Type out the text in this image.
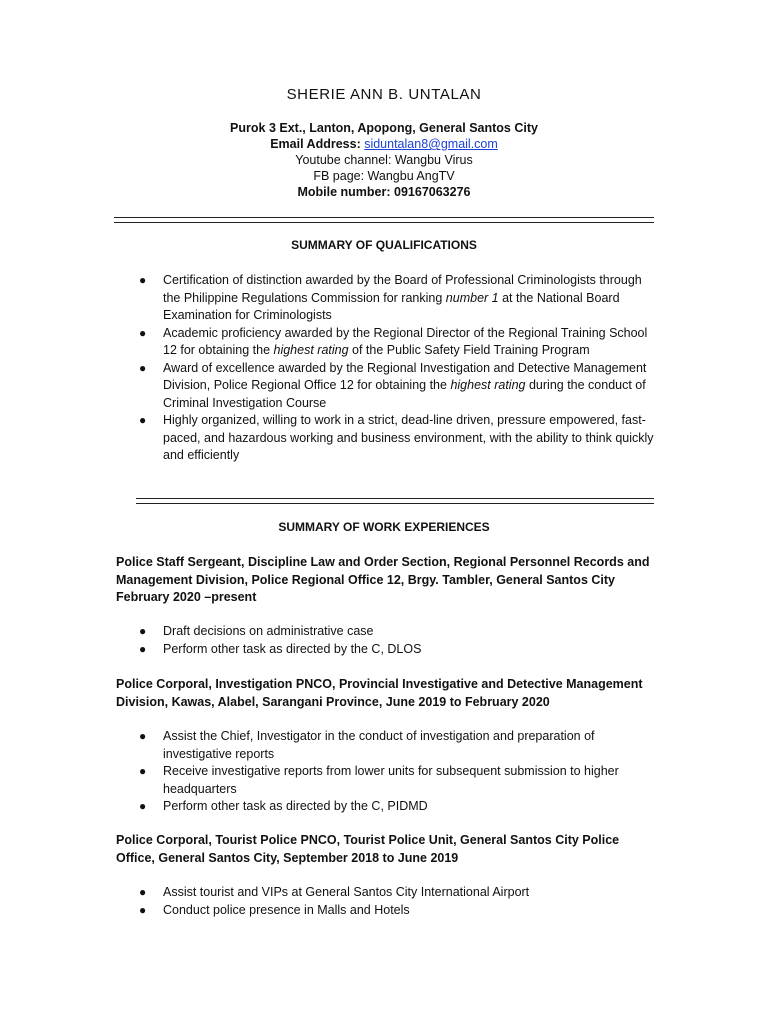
SHERIE ANN B. UNTALAN
Purok 3 Ext., Lanton, Apopong, General Santos City
Email Address: siduntalan8@gmail.com
Youtube channel: Wangbu Virus
FB page: Wangbu AngTV
Mobile number: 09167063276
SUMMARY OF QUALIFICATIONS
● Certification of distinction awarded by the Board of Professional Criminologists through the Philippine Regulations Commission for ranking number 1 at the National Board Examination for Criminologists
● Academic proficiency awarded by the Regional Director of the Regional Training School 12 for obtaining the highest rating of the Public Safety Field Training Program
● Award of excellence awarded by the Regional Investigation and Detective Management Division, Police Regional Office 12 for obtaining the highest rating during the conduct of Criminal Investigation Course
● Highly organized, willing to work in a strict, dead-line driven, pressure empowered, fast-paced, and hazardous working and business environment, with the ability to think quickly and efficiently
SUMMARY OF WORK EXPERIENCES
Police Staff Sergeant, Discipline Law and Order Section, Regional Personnel Records and Management Division, Police Regional Office 12, Brgy. Tambler, General Santos City February 2020 –present
● Draft decisions on administrative case
● Perform other task as directed by the C, DLOS
Police Corporal, Investigation PNCO, Provincial Investigative and Detective Management Division, Kawas, Alabel, Sarangani Province, June 2019 to February 2020
● Assist the Chief, Investigator in the conduct of investigation and preparation of investigative reports
● Receive investigative reports from lower units for subsequent submission to higher headquarters
● Perform other task as directed by the C, PIDMD
Police Corporal, Tourist Police PNCO, Tourist Police Unit, General Santos City Police Office, General Santos City, September 2018 to June 2019
● Assist tourist and VIPs at General Santos City International Airport
● Conduct police presence in Malls and Hotels
